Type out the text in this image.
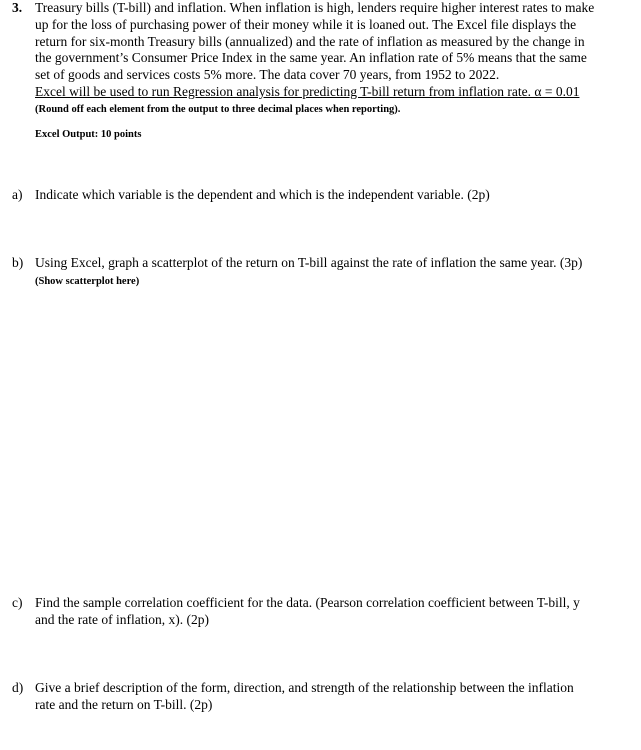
3. Treasury bills (T-bill) and inflation. When inflation is high, lenders require higher interest rates to make up for the loss of purchasing power of their money while it is loaned out. The Excel file displays the return for six-month Treasury bills (annualized) and the rate of inflation as measured by the change in the government’s Consumer Price Index in the same year. An inflation rate of 5% means that the same set of goods and services costs 5% more. The data cover 70 years, from 1952 to 2022.

Excel will be used to run Regression analysis for predicting T-bill return from inflation rate. α = 0.01

(Round off each element from the output to three decimal places when reporting).

Excel Output: 10 points

a) Indicate which variable is the dependent and which is the independent variable. (2p)
b) Using Excel, graph a scatterplot of the return on T-bill against the rate of inflation the same year. (3p) (Show scatterplot here)
c) Find the sample correlation coefficient for the data. (Pearson correlation coefficient between T-bill, y and the rate of inflation, x). (2p)
d) Give a brief description of the form, direction, and strength of the relationship between the inflation rate and the return on T-bill. (2p)
